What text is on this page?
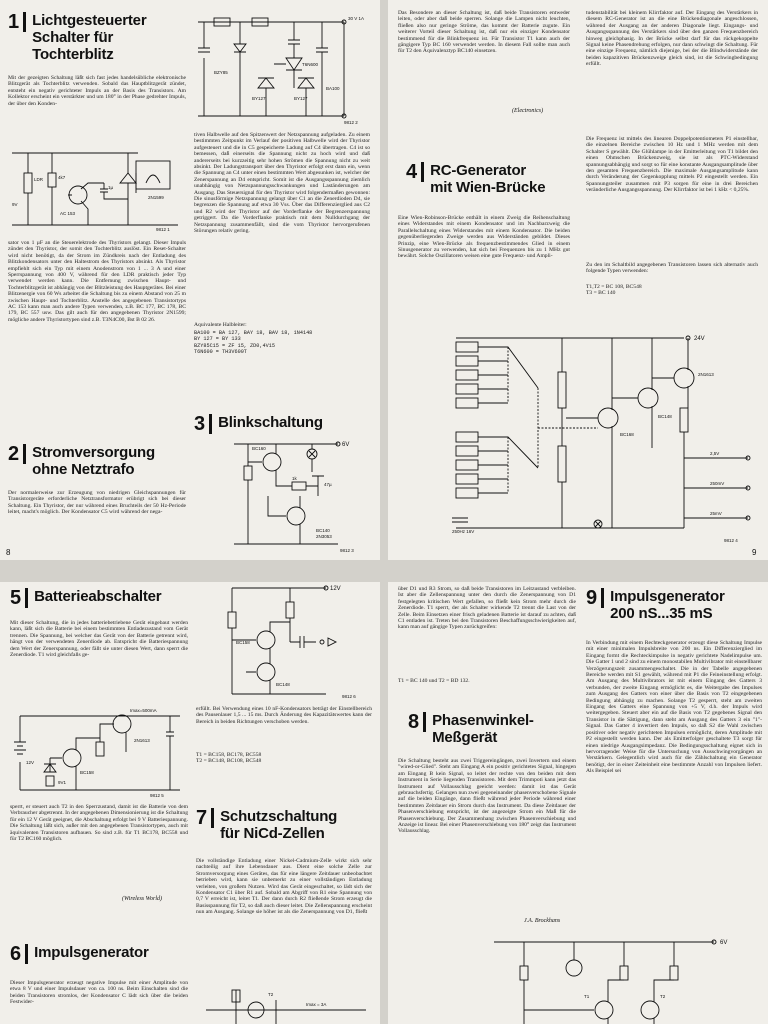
1 Lichtgesteuerter
Schalter für
Tochterblitz
Mit der gezeigten Schaltung läßt sich fast jedes handelsübliche elektronische Blitzgerät als Tochterblitz verwenden. Sobald das Hauptblitzgerät zündet, entsteht ein negativ gerichteter Impuls an der Basis des Transistors. Am Kollektor erscheint ein verstärkter und um 180° in der Phase gedrehter Impuls, der über den Konden-
LDR
9V
AC 153
4k7
1µ
2N1599
9812 1
sator von 1 µF an die Steuerelektrode des Thyristors gelangt. Dieser Impuls zündet den Thyristor, der somit den Tochterblitz auslöst. Ein Reset-Schalter wird nicht benötigt, da der Strom im Zündkreis nach der Entladung des Blitzkondensators unter den Haltestrom des Thyristors absinkt. Als Thyristor empfiehlt sich ein Typ mit einem Anodenstrom von 1 ... 3 A und einer Sperrspannung von 400 V, während für den LDR praktisch jeder Typ verwendet werden kann. Die Entfernung zwischen Haupt- und Tochterblitzgerät ist abhängig von der Blitzleistung des Hauptgerätes. Bei einer Blitzenergie von 60 Ws arbeitet die Schaltung bis zu einem Abstand von 25 m zwischen Haupt- und Tochterblitz. Anstelle des angegebenen Transistortyps AC 153 kann man auch andere Typen verwenden, z.B. BC 177, BC 178, BC 179, BC 557 usw. Das gilt auch für den angegebenen Thyristor 2N1599; mögliche andere Thyristortypen sind z.B. T3N4C00, Bst B 02 26.
2 Stromversorgung
ohne Netztrafo
Der normalerweise zur Erzeugung von niedrigen Gleichspannungen für Transistorgeräte erforderliche Netztransformator erübrigt sich bei dieser Schaltung. Ein Thyristor, der nur während eines Bruchteils der 50 Hz-Periode leitet, macht's möglich. Der Kondensator C5 wird während der nega-
30 V 1A
T6N600
BZY85
BA100
BY127	BY127
9812 2
tiven Halbwelle auf den Spitzenwert der Netzspannung aufgeladen. Zu einem bestimmten Zeitpunkt im Verlauf der positiven Halbwelle wird der Thyristor aufgesteuert und die in C5 gespeicherte Ladung auf C4 übertragen. C4 ist so bemessen, daß einerseits die Spannung nicht zu hoch wird und daß andererseits bei kurzzeitig sehr hohen Strömen die Spannung nicht zu weit absinkt. Der Ladungstransport über den Thyristor erfolgt erst dann ein, wenn die Spannung an C4 unter einen bestimmten Wert abgesunken ist, welcher der Zenerspannung an D4 entspricht. Somit ist die Ausgangsspannung ziemlich unabhängig von Netzspannungsschwankungen und Laständerungen am Ausgang. Das Steuersignal für den Thyristor wird folgendermaßen gewonnen: Die sinusförmige Netzspannung gelangt über C1 an die Zenerdioden D4, sie begrenzen die Spannung auf etwa 30 Vss. Über das Differenzierglied aus C2 und R2 wird der Thyristor auf der Vorderflanke der Begrenzerspannung getriggert. Da die Vorderflanke praktisch mit dem Nulldurchgang der Netzspannung zusammenfällt, sind die vom Thyristor hervorgerufenen Störungen relativ gering.
Äquivalente Halbleiter:
BA100 = BA 127, BAY 18, BAV 18, 1N4148
BY 127 = BY 133
BZY85C15 = ZF 15, ZD0,4V15
T6N600 = TH3V600T
3 Blinkschaltung
6V
BC160
BC140
2N3053
1k
47µ
9812 3
8
Das Besondere an dieser Schaltung ist, daß beide Transistoren entweder leiten, oder aber daß beide sperren. Solange die Lampen nicht leuchten, fließen also nur geringe Ströme, das kommt der Batterie zugute. Ein weiterer Vorteil dieser Schaltung ist, daß nur ein einziger Kondensator bestimmend für die Blinkfrequenz ist. Für Transistor T1 kann auch der gängigere Typ BC 160 verwendet werden. In diesem Fall sollte man auch für T2 den Äquivalenztyp BC140 einsetzen.
(Electronics)
4 RC-Generator
mit Wien-Brücke
Eine Wien-Robinson-Brücke enthält in einem Zweig die Reihenschaltung eines Widerstandes mit einem Kondensator und im Nachbarzweig die Parallelschaltung eines Widerstandes mit einem Kondensator. Die beiden gegenüberliegenden Zweige werden aus Widerständen gebildet. Dieses Prinzip, eine Wien-Brücke als frequenzbestimmendes Glied in einem Sinusgenerator zu verwenden, hat sich bei Frequenzen bis zu 1 MHz gut bewährt. Solche Oszillatoren weisen eine gute Frequenz- und Ampli-
tudenstabilität bei kleinem Klirrfaktor auf. Der Eingang des Verstärkers in diesem RC-Generator ist an die eine Brückendiagonale angeschlossen, während der Ausgang an der anderen Diagonale liegt. Eingangs- und Ausgangsspannung des Verstärkers sind über den ganzen Frequenzbereich hinweg gleichphasig. In der Brücke selbst darf für das rückgekoppelte Signal keine Phasendrehung erfolgen, nur dann schwingt die Schaltung. Für eine einzige Frequenz, nämlich diejenige, bei der die Blindwiderstände der beiden kapazitiven Brückenzweige gleich sind, ist die Schwingbedingung erfüllt.
Die Frequenz ist mittels des linearen Doppelpotentiometers P1 einstellbar, die einzelnen Bereiche zwischen 10 Hz und 1 MHz werden mit dem Schalter S gewählt. Die Glühlampe in der Emitterleitung von T1 bildet den einen Ohmschen Brückenzweig, sie ist als PTC-Widerstand spannungsabhängig und sorgt so für eine konstante Ausgangsamplitude über den gesamten Frequenzbereich. Die maximale Ausgangsamplitude kann durch Veränderung der Gegenkopplung mittels P2 eingestellt werden. Ein Spannungsteiler zusammen mit P3 sorgen für eine in drei Bereichen veränderliche Ausgangsspannung. Der Klirrfaktor ist bei 1 kHz < 0,25%.
Zu den im Schaltbild angegebenen Transistoren lassen sich alternativ auch folgende Typen verwenden:
T1,T2 = BC 108, BC548
T3 = BC 140
24V
BC168
BC148
2N1613
2,5V
250mV
25mV
250Hz 16V
9812 4
9
5 Batterieabschalter
Mit dieser Schaltung, die in jedes batteriebetriebene Gerät eingebaut werden kann, läßt sich die Batterie bei einem bestimmten Entladezustand vom Gerät trennen. Die Spannung, bei welcher das Gerät von der Batterie getrennt wird, hängt von der verwendeten Zenerdiode ab. Entspricht die Batteriespannung dem Wert der Zenerspannung, oder fällt sie unter diesen Wert, dann sperrt die Zenerdiode. T1 wird gleichfalls ge-
Imax=500mA
2N1613
BC158
12V
9V1
9812 5
sperrt, er steuert auch T2 in den Sperrzustand, damit ist die Batterie von dem Verbraucher abgetrennt. In der angegebenen Dimensionierung ist die Schaltung für ein 12 V Gerät geeignet, die Abschaltung erfolgt bei 9 V Batteriespannung. Die Schaltung läßt sich, außer mit den angegebenen Transistortypen, auch mit äquivalenten Transistoren aufbauen. So sind z.B. für T1 BC178, BC558 und für T2 BC160 möglich.
(Wireless World)
6 Impulsgenerator
Dieser Impulsgenerator erzeugt negative Impulse mit einer Amplitude von etwa 8 V und einer Impulsdauer von ca. 100 ns. Beim Einschalten sind die beiden Transistoren stromlos, der Kondensator C lädt sich über die beiden Festwider-
12V
BC158
BC148
9812 6
erfüllt. Bei Verwendung eines 10 nF-Kondensators beträgt der Einstellbereich des Pausenlauer 1,5 ... 15 ms. Durch Änderung des Kapazitätswertes kann der Bereich in beiden Richtungen verschoben werden.
T1 = BC158, BC178, BC558
T2 = BC148, BC108, BC548
7 Schutzschaltung
für NiCd-Zellen
Die vollständige Entladung einer Nickel-Cadmium-Zelle wirkt sich sehr nachteilig auf ihre Lebensdauer aus. Dient eine solche Zelle zur Stromversorgung eines Gerätes, das für eine längere Zeitdauer unbeobachtet betrieben wird, kann sie unbemerkt zu einer vollständigen Entladung verleiten, von großem Nutzen. Wird das Gerät eingeschaltet, so lädt sich der Kondensator C1 über R1 auf. Sobald am Abgriff von R1 eine Spannung von 0,7 V erreicht ist, leitet T1. Der dann durch R2 fließende Strom erzeugt die Basisspannung für T2, so daß auch dieser leitet. Die Zellenspannung erscheint nun am Ausgang. Solange sie höher ist als die Zenerspannung von D1, fließt
Imax = 3A
T2
über D1 und R3 Strom, so daß beide Transistoren im Leitzustand verbleiben. Ist aber die Zellenspannung unter den durch die Zenerspannung von D1 festgelegten kritischen Wert gefallen, so fließt kein Strom mehr durch die Zenerdiode. T1 sperrt, der als Schalter wirkende T2 trennt die Last von der Zelle. Beim Einsetzen einer frisch geladenen Batterie ist darauf zu achten, daß C1 entladen ist. Treten bei den Transistoren Beschaffungsschwierigkeiten auf, kann man auf gängige Typen zurückgreifen:
T1 = BC 140 und T2 = BD 132.
8 Phasenwinkel-
Meßgerät
Die Schaltung besteht aus zwei Triggereingängen, zwei Invertern und einem "wired-or-Glied". Steht am Eingang A ein positiv gerichtetes Signal, hingegen am Eingang B kein Signal, so leitet der rechte von den beiden mit dem Instrument in Serie liegenden Transistoren. Mit dem Trimmpoti kann jetzt das Instrument auf Vollausschlag geeicht werden: damit ist das Gerät gebrauchsfertig. Gelangen nun zwei gegeneinander phasenverschobene Signale auf die beiden Eingänge, dann fließt während jeder Periode während einer bestimmten Zeitdauer ein Strom durch das Instrument. Da diese Zeitdauer der Phasenverschiebung entspricht, ist der angezeigte Strom ein Maß für die Phasenverschiebung. Der Zusammenhang zwischen Phasenverschiebung und Anzeige ist linear. Bei einer Phasenverschiebung von 180° zeigt das Instrument Vollausschlag.
J.A. Brockhans
9 Impulsgenerator
200 nS...35 mS
In Verbindung mit einem Rechteckgenerator erzeugt diese Schaltung Impulse mit einer minimalen Impulsbreite von 200 ns. Ein Differenzierglied im Eingang formt die Rechteckimpulse in negativ gerichtete Nadelimpulse um. Die Gatter 1 und 2 sind zu einem monostabilen Multivibrator mit einstellbarer Verzögerungszeit zusammengeschaltet. Die in der Tabelle angegebenen Bereiche werden mit S1 gewählt, während mit P1 die Feineinstellung erfolgt. Am Ausgang des Multivibrators ist mit einem Eingang des Gatters 3 verbunden, der zweite Eingang ermöglicht es, die Weitergabe des Impulses zum Ausgang des Gatters von einer über die Basis von T2 eingegebenen Bedingung abhängig zu machen. Solange T2 gesperrt, steht am zweiten Eingang des Gatters eine Spannung von +5 V, d.h. der Impuls wird weitergegeben. Steuert aber ein auf die Basis von T2 gegebenes Signal den Transistor in die Sättigung, dann steht am Ausgang des Gatters 3 ein "1"-Signal. Das Gatter 4 invertiert den Impuls, so daß S2 die Wahl zwischen positiver oder negativ gerichteten Impulsen ermöglicht, deren Amplitude mit P2 eingestellt werden kann. Der als Emitterfolger geschaltete T3 sorgt für einen niedrige Ausgangsimpedanz. Die Bedingungsschaltung eignet sich in hervorragender Weise für die Untersuchung von Ausschwingvorgängen an Verstärkern. Gelegentlich wird auch für die Zählschaltung ein Generator benötigt, der in einer Zeiteinheit eine bestimmte Anzahl von Impulsen liefert. Als Beispiel sei
6V
T1	T2
